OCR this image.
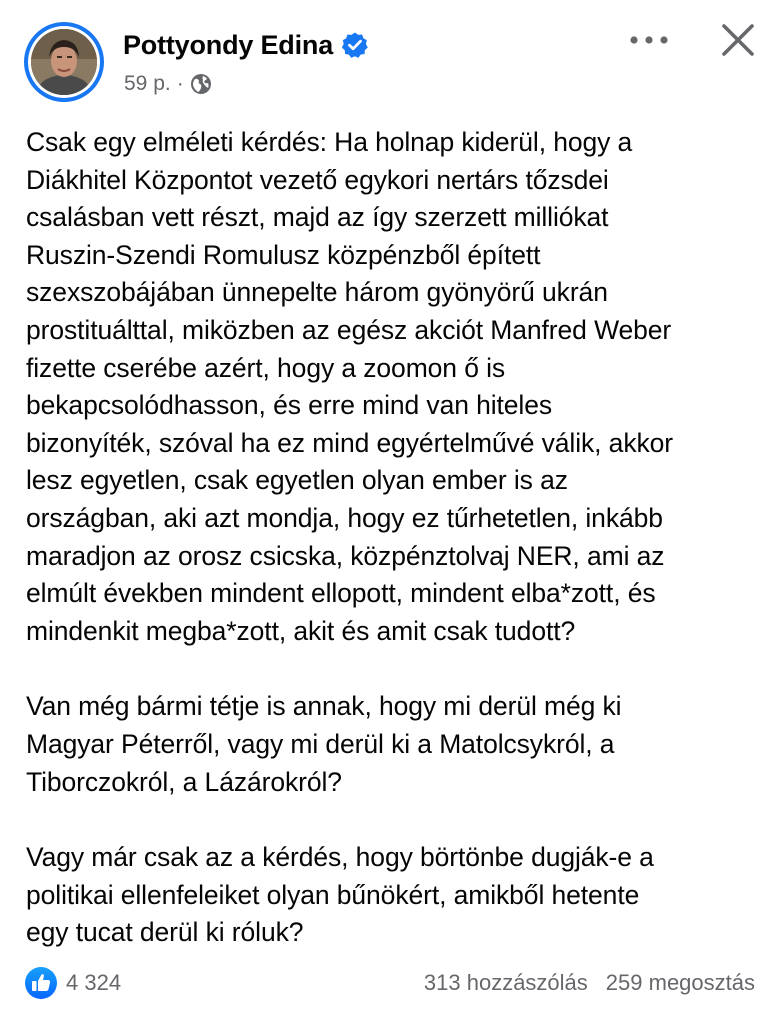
Pottyondy Edina
59 p. ·

Csak egy elméleti kérdés: Ha holnap kiderül, hogy a
Diákhitel Központot vezető egykori nertárs tőzsdei
csalásban vett részt, majd az így szerzett milliókat
Ruszin-Szendi Romulusz közpénzből épített
szexszobájában ünnepelte három gyönyörű ukrán
prostituálttal, miközben az egész akciót Manfred Weber
fizette cserébe azért, hogy a zoomon ő is
bekapcsolódhasson, és erre mind van hiteles
bizonyíték, szóval ha ez mind egyértelművé válik, akkor
lesz egyetlen, csak egyetlen olyan ember is az
országban, aki azt mondja, hogy ez tűrhetetlen, inkább
maradjon az orosz csicska, közpénztolvaj NER, ami az
elmúlt években mindent ellopott, mindent elba*zott, és
mindenkit megba*zott, akit és amit csak tudott?

Van még bármi tétje is annak, hogy mi derül még ki
Magyar Péterről, vagy mi derül ki a Matolcsykról, a
Tiborczokról, a Lázárokról?

Vagy már csak az a kérdés, hogy börtönbe dugják-e a
politikai ellenfeleiket olyan bűnökért, amikből hetente
egy tucat derül ki róluk?

4 324	313 hozzászólás 259 megosztás
